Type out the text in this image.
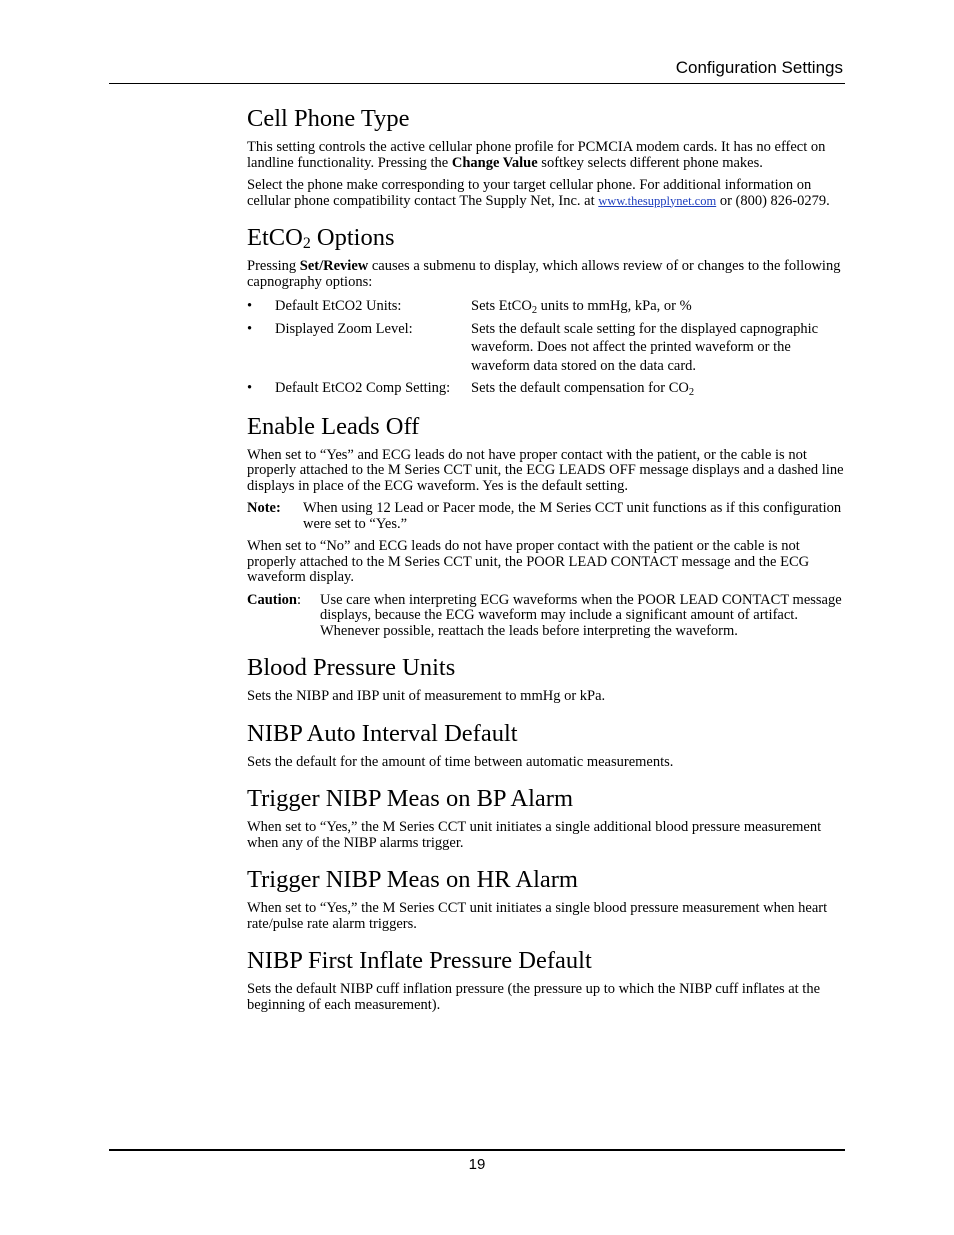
Configuration Settings
Cell Phone Type

This setting controls the active cellular phone profile for PCMCIA modem cards. It has no effect on landline functionality. Pressing the Change Value softkey selects different phone makes.

Select the phone make corresponding to your target cellular phone. For additional information on cellular phone compatibility contact The Supply Net, Inc. at www.thesupplynet.com or (800) 826-0279.

EtCO$_2$ Options

Pressing Set/Review causes a submenu to display, which allows review of or changes to the following capnography options:

•	Default EtCO2 Units:	Sets EtCO$_2$ units to mmHg, kPa, or %
•	Displayed Zoom Level:	Sets the default scale setting for the displayed capnographic waveform. Does not affect the printed waveform or the waveform data stored on the data card.
•	Default EtCO2 Comp Setting:	Sets the default compensation for $CO_2$
Enable Leads Off

When set to “Yes” and ECG leads do not have proper contact with the patient, or the cable is not properly attached to the M Series CCT unit, the ECG LEADS OFF message displays and a dashed line displays in place of the ECG waveform. Yes is the default setting.

Note:	When using 12 Lead or Pacer mode, the M Series CCT unit functions as if this configuration were set to “Yes.”

When set to “No” and ECG leads do not have proper contact with the patient or the cable is not properly attached to the M Series CCT unit, the POOR LEAD CONTACT message and the ECG waveform display.

Caution:	Use care when interpreting ECG waveforms when the POOR LEAD CONTACT message displays, because the ECG waveform may include a significant amount of artifact. Whenever possible, reattach the leads before interpreting the waveform.
Blood Pressure Units

Sets the NIBP and IBP unit of measurement to mmHg or kPa.

NIBP Auto Interval Default

Sets the default for the amount of time between automatic measurements.

Trigger NIBP Meas on BP Alarm

When set to “Yes,” the M Series CCT unit initiates a single additional blood pressure measurement when any of the NIBP alarms trigger.

Trigger NIBP Meas on HR Alarm

When set to “Yes,” the M Series CCT unit initiates a single blood pressure measurement when heart rate/pulse rate alarm triggers.

NIBP First Inflate Pressure Default

Sets the default NIBP cuff inflation pressure (the pressure up to which the NIBP cuff inflates at the beginning of each measurement).

19
